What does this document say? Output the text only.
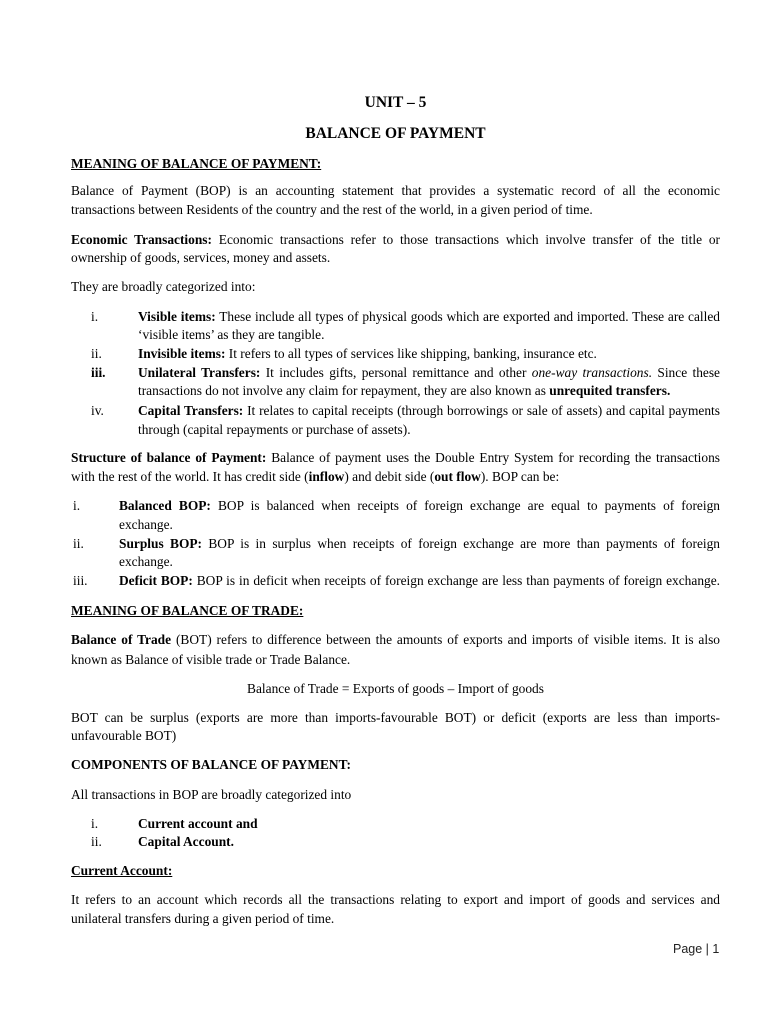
UNIT – 5
BALANCE OF PAYMENT
MEANING OF BALANCE OF PAYMENT:
Balance of Payment (BOP) is an accounting statement that provides a systematic record of all the economic
transactions between Residents of the country and the rest of the world, in a given period of time.
Economic Transactions: Economic transactions refer to those transactions which involve transfer of the title or
ownership of goods, services, money and assets.
They are broadly categorized into:
i.	Visible items: These include all types of physical goods which are exported and imported. These are called
‘visible items’ as they are tangible.
ii.	Invisible items: It refers to all types of services like shipping, banking, insurance etc.
iii.	Unilateral Transfers: It includes gifts, personal remittance and other one-way transactions. Since these
transactions do not involve any claim for repayment, they are also known as unrequited transfers.
iv.	Capital Transfers: It relates to capital receipts (through borrowings or sale of assets) and capital payments
through (capital repayments or purchase of assets).
Structure of balance of Payment: Balance of payment uses the Double Entry System for recording the transactions
with the rest of the world. It has credit side (inflow) and debit side (out flow). BOP can be:
i.	Balanced BOP: BOP is balanced when receipts of foreign exchange are equal to payments of foreign
exchange.
ii.	Surplus BOP: BOP is in surplus when receipts of foreign exchange are more than payments of foreign
exchange.
iii.	Deficit BOP: BOP is in deficit when receipts of foreign exchange are less than payments of foreign exchange.
MEANING OF BALANCE OF TRADE:
Balance of Trade (BOT) refers to difference between the amounts of exports and imports of visible items. It is also
known as Balance of visible trade or Trade Balance.
Balance of Trade = Exports of goods – Import of goods
BOT can be surplus (exports are more than imports-favourable BOT) or deficit (exports are less than imports-
unfavourable BOT)
COMPONENTS OF BALANCE OF PAYMENT:
All transactions in BOP are broadly categorized into
i.	Current account and
ii.	Capital Account.
Current Account:
It refers to an account which records all the transactions relating to export and import of goods and services and
unilateral transfers during a given period of time.
Page | 1
